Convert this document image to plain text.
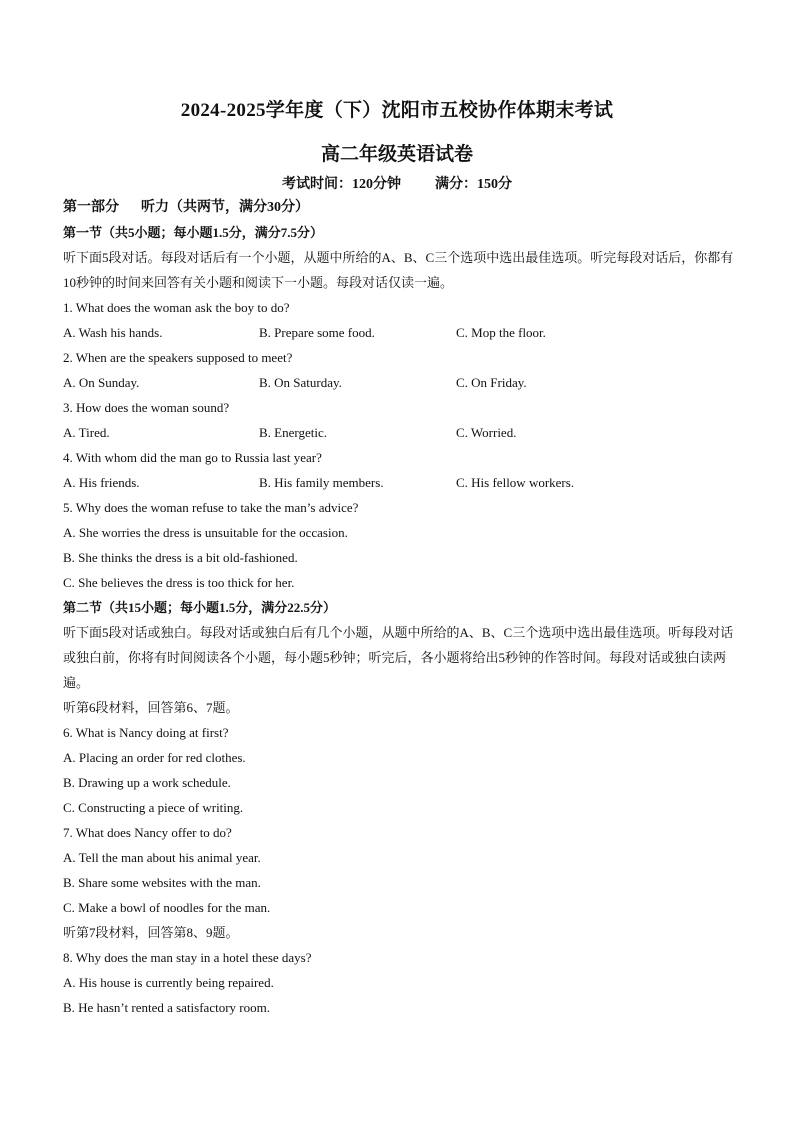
2024-2025学年度（下）沈阳市五校协作体期末考试
高二年级英语试卷
考试时间：120分钟 满分：150分
第一部分 听力（共两节，满分30分）
第一节（共5小题；每小题1.5分，满分7.5分）
听下面5段对话。每段对话后有一个小题，从题中所给的A、B、C三个选项中选出最佳选项。听完每段对话后，你都有10秒钟的时间来回答有关小题和阅读下一小题。每段对话仅读一遍。
1. What does the woman ask the boy to do?
A. Wash his hands.	B. Prepare some food.	C. Mop the floor.
2. When are the speakers supposed to meet?
A. On Sunday.	B. On Saturday.	C. On Friday.
3. How does the woman sound?
A. Tired.	B. Energetic.	C. Worried.
4. With whom did the man go to Russia last year?
A. His friends.	B. His family members.	C. His fellow workers.
5. Why does the woman refuse to take the man’s advice?
A. She worries the dress is unsuitable for the occasion.
B. She thinks the dress is a bit old-fashioned.
C. She believes the dress is too thick for her.
第二节（共15小题；每小题1.5分，满分22.5分）
听下面5段对话或独白。每段对话或独白后有几个小题，从题中所给的A、B、C三个选项中选出最佳选项。听每段对话或独白前，你将有时间阅读各个小题，每小题5秒钟；听完后，各小题将给出5秒钟的作答时间。每段对话或独白读两遍。
听第6段材料，回答第6、7题。
6. What is Nancy doing at first?
A. Placing an order for red clothes.
B. Drawing up a work schedule.
C. Constructing a piece of writing.
7. What does Nancy offer to do?
A. Tell the man about his animal year.
B. Share some websites with the man.
C. Make a bowl of noodles for the man.
听第7段材料，回答第8、9题。
8. Why does the man stay in a hotel these days?
A. His house is currently being repaired.
B. He hasn’t rented a satisfactory room.
